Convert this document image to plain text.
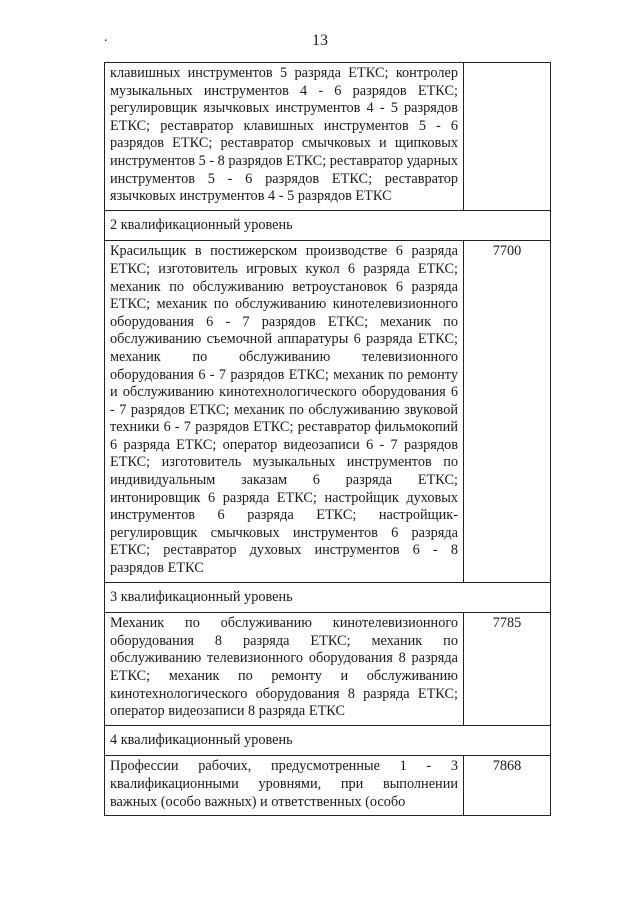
.	13
клавишных инструментов 5 разряда ЕТКС; контролер музыкальных инструментов 4 - 6 разрядов ЕТКС; регулировщик язычковых инструментов 4 - 5 разрядов ЕТКС; реставратор клавишных инструментов 5 - 6 разрядов ЕТКС; реставратор смычковых и щипковых инструментов 5 - 8 разрядов ЕТКС; реставратор ударных инструментов 5 - 6 разрядов ЕТКС; реставратор язычковых инструментов 4 - 5 разрядов ЕТКС	
2 квалификационный уровень	
Красильщик в постижерском производстве 6 разряда ЕТКС; изготовитель игровых кукол 6 разряда ЕТКС; механик по обслуживанию ветроустановок 6 разряда ЕТКС; механик по обслуживанию кинотелевизионного оборудования 6 - 7 разрядов ЕТКС; механик по обслуживанию съемочной аппаратуры 6 разряда ЕТКС; механик по обслуживанию телевизионного оборудования 6 - 7 разрядов ЕТКС; механик по ремонту и обслуживанию кинотехнологического оборудования 6 - 7 разрядов ЕТКС; механик по обслуживанию звуковой техники 6 - 7 разрядов ЕТКС; реставратор фильмокопий 6 разряда ЕТКС; оператор видеозаписи 6 - 7 разрядов ЕТКС; изготовитель музыкальных инструментов по индивидуальным заказам 6 разряда ЕТКС; интонировщик 6 разряда ЕТКС; настройщик духовых инструментов 6 разряда ЕТКС; настройщик-регулировщик смычковых инструментов 6 разряда ЕТКС; реставратор духовых инструментов 6 - 8 разрядов ЕТКС	7700
3 квалификационный уровень	
Механик по обслуживанию кинотелевизионного оборудования 8 разряда ЕТКС; механик по обслуживанию телевизионного оборудования 8 разряда ЕТКС; механик по ремонту и обслуживанию кинотехнологического оборудования 8 разряда ЕТКС; оператор видеозаписи 8 разряда ЕТКС	7785
4 квалификационный уровень	
Профессии рабочих, предусмотренные 1 - 3 квалификационными уровнями, при выполнении важных (особо важных) и ответственных (особо	7868
